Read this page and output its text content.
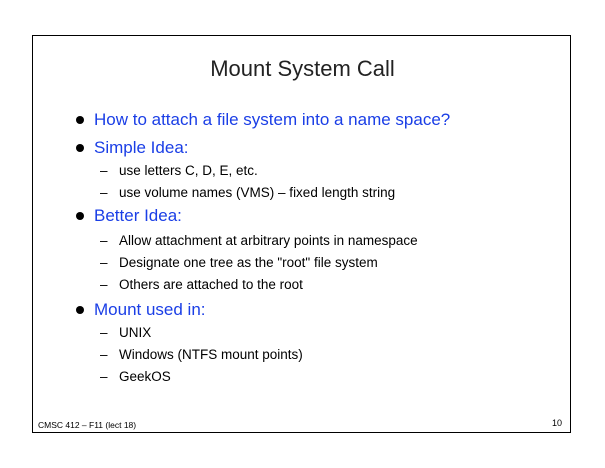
Mount System Call
How to attach a file system into a name space?
Simple Idea:
– use letters C, D, E, etc.
– use volume names (VMS) – fixed length string
Better Idea:
– Allow attachment at arbitrary points in namespace
– Designate one tree as the "root" file system
– Others are attached to the root
Mount used in:
– UNIX
– Windows (NTFS mount points)
– GeekOS
CMSC 412 – F11 (lect 18)	10
